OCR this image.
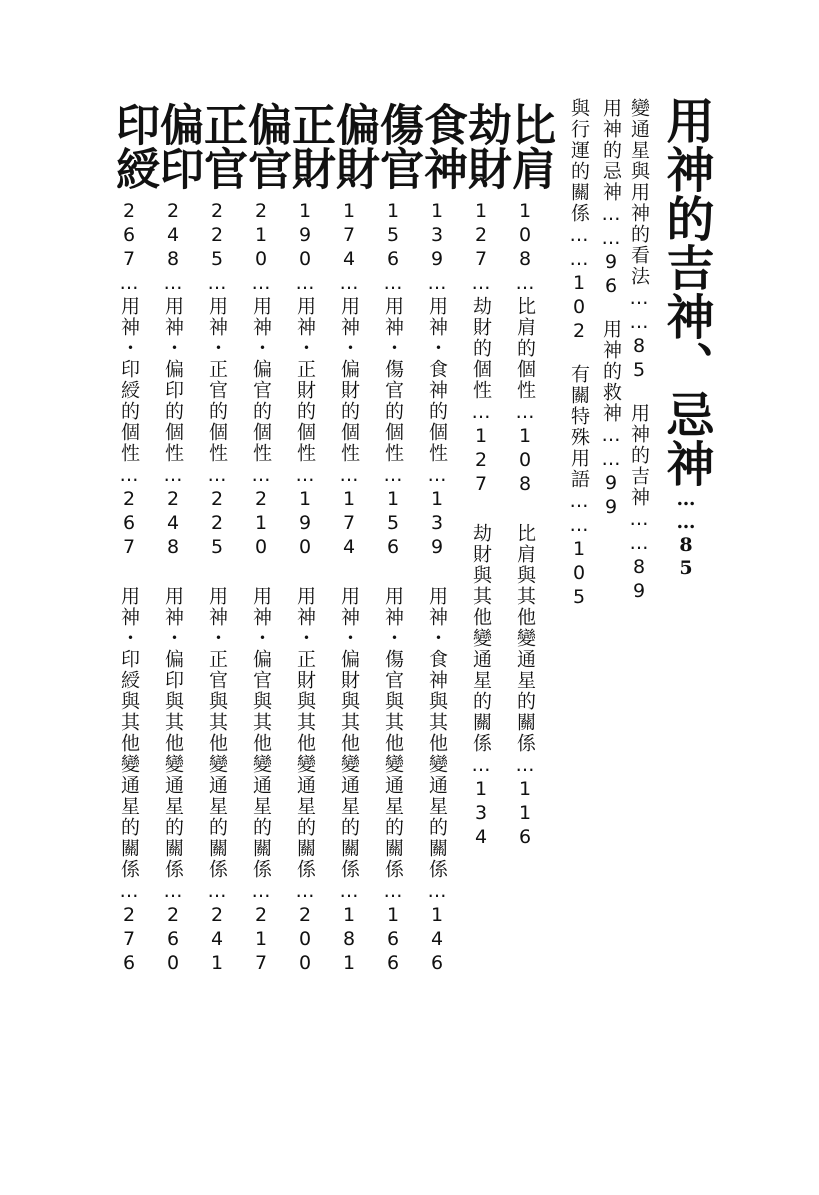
用神的吉神、忌神……85
變通星與用神的看法……85用神的吉神……89
用神的忌神……96用神的救神……99
與行運的關係……102有關特殊用語……105
比肩
劫財
食神
傷官
偏財
正財
偏官
正官
偏印
印綬
108…比肩的個性…108比肩與其他變通星的關係…116
127…劫財的個性…127劫財與其他變通星的關係…134
139…用神・食神的個性…139用神・食神與其他變通星的關係…146
156…用神・傷官的個性…156用神・傷官與其他變通星的關係…166
174…用神・偏財的個性…174用神・偏財與其他變通星的關係…181
190…用神・正財的個性…190用神・正財與其他變通星的關係…200
210…用神・偏官的個性…210用神・偏官與其他變通星的關係…217
225…用神・正官的個性…225用神・正官與其他變通星的關係…241
248…用神・偏印的個性…248用神・偏印與其他變通星的關係…260
267…用神・印綬的個性…267用神・印綬與其他變通星的關係…276
